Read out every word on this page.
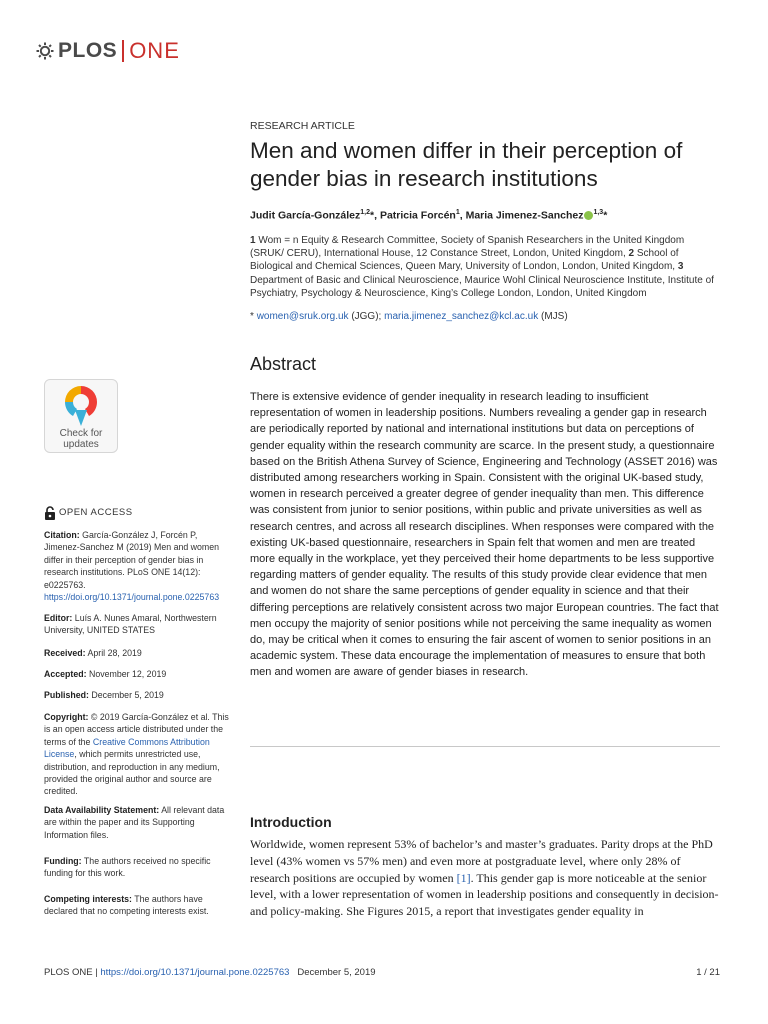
PLOS ONE
RESEARCH ARTICLE
Men and women differ in their perception of gender bias in research institutions
Judit García-González$^{1,2}$*, Patricia Forcén$^1$, Maria Jimenez-Sanchez $^{1,3}$*
1 Wom = n Equity & Research Committee, Society of Spanish Researchers in the United Kingdom (SRUK/ CERU), International House, 12 Constance Street, London, United Kingdom, 2 School of Biological and Chemical Sciences, Queen Mary, University of London, London, United Kingdom, 3 Department of Basic and Clinical Neuroscience, Maurice Wohl Clinical Neuroscience Institute, Institute of Psychiatry, Psychology & Neuroscience, King’s College London, London, United Kingdom
* women@sruk.org.uk (JGG); maria.jimenez_sanchez@kcl.ac.uk (MJS)
Abstract
There is extensive evidence of gender inequality in research leading to insufficient representation of women in leadership positions. Numbers revealing a gender gap in research are periodically reported by national and international institutions but data on perceptions of gender equality within the research community are scarce. In the present study, a questionnaire based on the British Athena Survey of Science, Engineering and Technology (ASSET 2016) was distributed among researchers working in Spain. Consistent with the original UK-based study, women in research perceived a greater degree of gender inequality than men. This difference was consistent from junior to senior positions, within public and private universities as well as research centres, and across all research disciplines. When responses were compared with the existing UK-based questionnaire, researchers in Spain felt that women and men are treated more equally in the workplace, yet they perceived their home departments to be less supportive regarding matters of gender equality. The results of this study provide clear evidence that men and women do not share the same perceptions of gender equality in science and that their differing perceptions are relatively consistent across two major European countries. The fact that men occupy the majority of senior positions while not perceiving the same inequality as women do, may be critical when it comes to ensuring the fair ascent of women to senior positions in an academic system. These data encourage the implementation of measures to ensure that both men and women are aware of gender biases in research.
Introduction
Worldwide, women represent 53% of bachelor’s and master’s graduates. Parity drops at the PhD level (43% women vs 57% men) and even more at postgraduate level, where only 28% of research positions are occupied by women [1]. This gender gap is more noticeable at the senior level, with a lower representation of women in leadership positions and consequently in decision- and policy-making. She Figures 2015, a report that investigates gender equality in
Check for
updates
OPEN ACCESS
Citation: García-González J, Forcén P, Jimenez-Sanchez M (2019) Men and women differ in their perception of gender bias in research institutions. PLoS ONE 14(12): e0225763. https://doi.org/10.1371/journal.pone.0225763
Editor: Luís A. Nunes Amaral, Northwestern University, UNITED STATES
Received: April 28, 2019
Accepted: November 12, 2019
Published: December 5, 2019
Copyright: © 2019 García-González et al. This is an open access article distributed under the terms of the Creative Commons Attribution License, which permits unrestricted use, distribution, and reproduction in any medium, provided the original author and source are credited.
Data Availability Statement: All relevant data are within the paper and its Supporting Information files.
Funding: The authors received no specific funding for this work.
Competing interests: The authors have declared that no competing interests exist.
PLOS ONE |
https://doi.org/10.1371/journal.pone.0225763
December 5, 2019	1 / 21
